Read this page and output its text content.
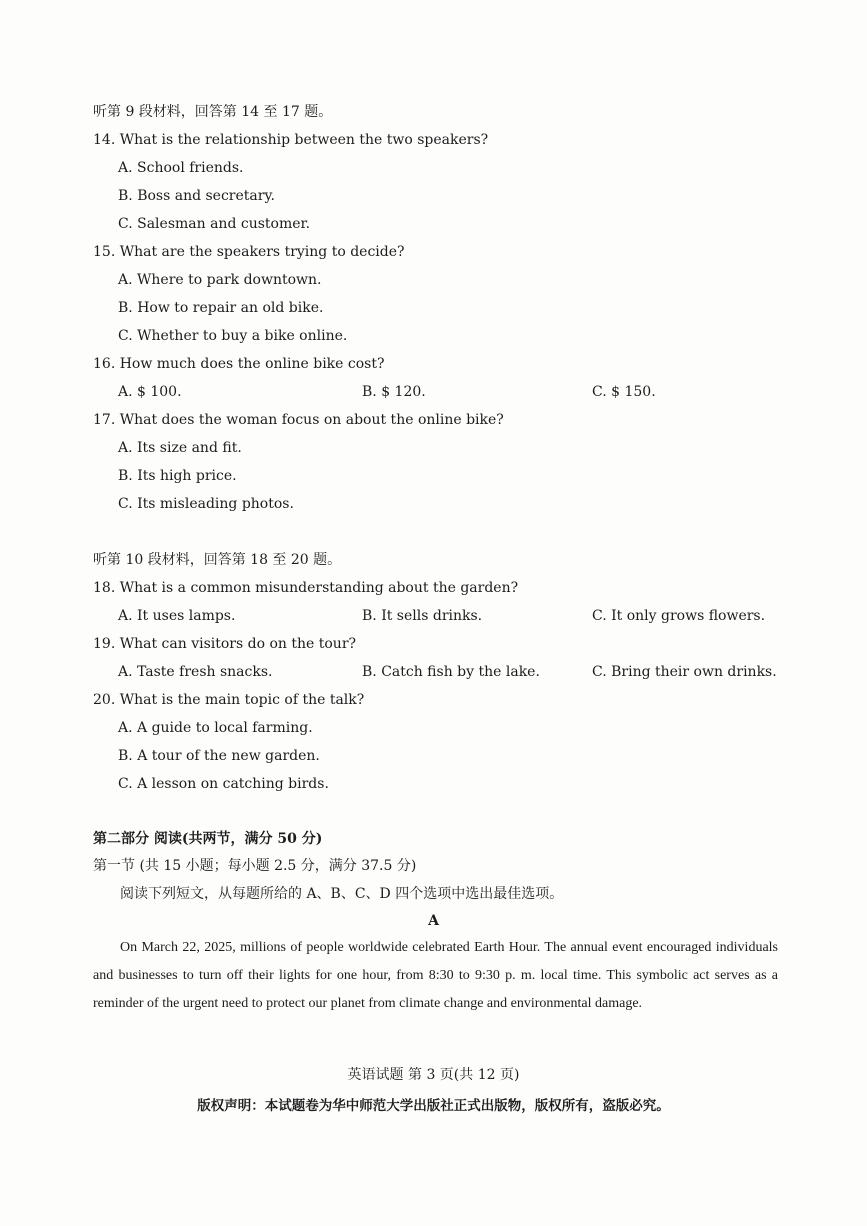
听第 9 段材料，回答第 14 至 17 题。
14. What is the relationship between the two speakers?
A. School friends.
B. Boss and secretary.
C. Salesman and customer.
15. What are the speakers trying to decide?
A. Where to park downtown.
B. How to repair an old bike.
C. Whether to buy a bike online.
16. How much does the online bike cost?
A. $ 100.	B. $ 120.	C. $ 150.
17. What does the woman focus on about the online bike?
A. Its size and fit.
B. Its high price.
C. Its misleading photos.
听第 10 段材料，回答第 18 至 20 题。
18. What is a common misunderstanding about the garden?
A. It uses lamps.	B. It sells drinks.	C. It only grows flowers.
19. What can visitors do on the tour?
A. Taste fresh snacks.	B. Catch fish by the lake.	C. Bring their own drinks.
20. What is the main topic of the talk?
A. A guide to local farming.
B. A tour of the new garden.
C. A lesson on catching birds.
第二部分 阅读(共两节，满分 50 分)
第一节 (共 15 小题；每小题 2.5 分，满分 37.5 分)
阅读下列短文，从每题所给的 A、B、C、D 四个选项中选出最佳选项。
A
On March 22, 2025, millions of people worldwide celebrated Earth Hour. The annual event encouraged individuals and businesses to turn off their lights for one hour, from 8:30 to 9:30 p. m. local time. This symbolic act serves as a reminder of the urgent need to protect our planet from climate change and environmental damage.
英语试题 第 3 页(共 12 页)
版权声明：本试题卷为华中师范大学出版社正式出版物，版权所有，盗版必究。
